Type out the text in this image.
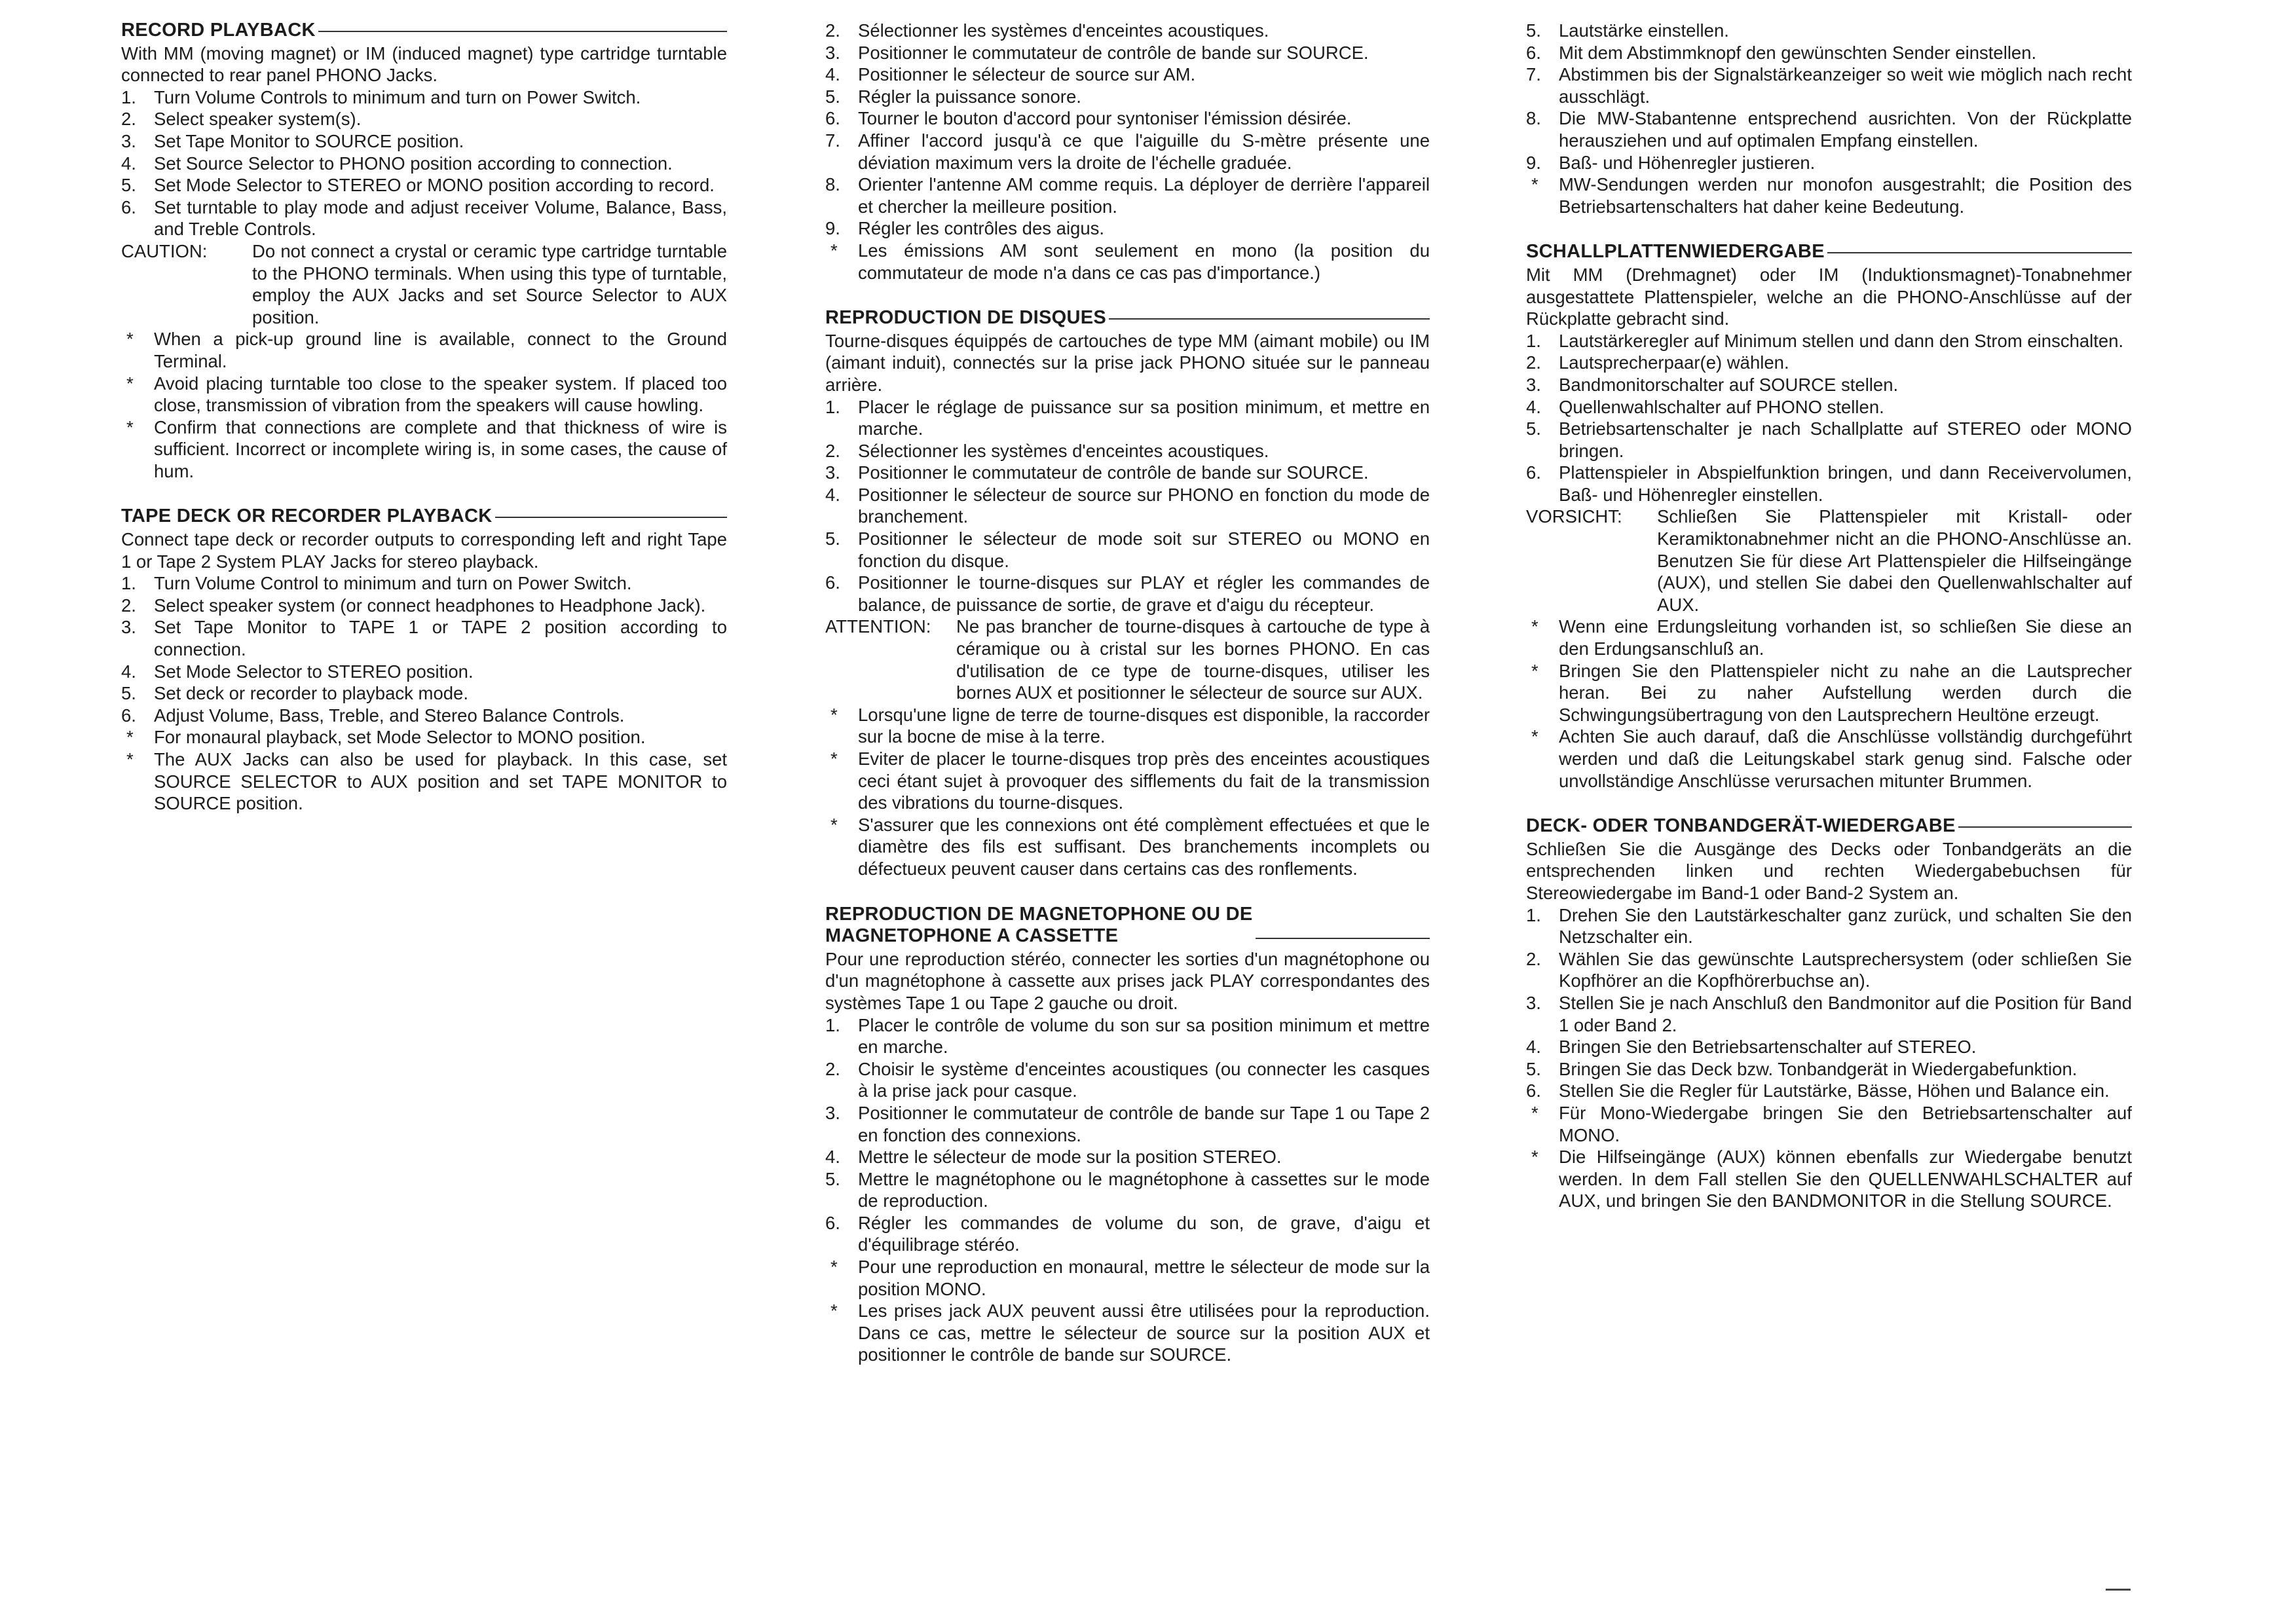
RECORD PLAYBACK
With MM (moving magnet) or IM (induced magnet) type cartridge turntable connected to rear panel PHONO Jacks.
1. Turn Volume Controls to minimum and turn on Power Switch.
2. Select speaker system(s).
3. Set Tape Monitor to SOURCE position.
4. Set Source Selector to PHONO position according to connection.
5. Set Mode Selector to STEREO or MONO position according to record.
6. Set turntable to play mode and adjust receiver Volume, Balance, Bass, and Treble Controls.
CAUTION:	Do not connect a crystal or ceramic type cartridge turntable to the PHONO terminals. When using this type of turntable, employ the AUX Jacks and set Source Selector to AUX position.
*	When a pick-up ground line is available, connect to the Ground Terminal.
*	Avoid placing turntable too close to the speaker system. If placed too close, transmission of vibration from the speakers will cause howling.
*	Confirm that connections are complete and that thickness of wire is sufficient. Incorrect or incomplete wiring is, in some cases, the cause of hum.
TAPE DECK OR RECORDER PLAYBACK
Connect tape deck or recorder outputs to corresponding left and right Tape 1 or Tape 2 System PLAY Jacks for stereo playback.
1. Turn Volume Control to minimum and turn on Power Switch.
2. Select speaker system (or connect headphones to Headphone Jack).
3. Set Tape Monitor to TAPE 1 or TAPE 2 position according to connection.
4. Set Mode Selector to STEREO position.
5. Set deck or recorder to playback mode.
6. Adjust Volume, Bass, Treble, and Stereo Balance Controls.
*	For monaural playback, set Mode Selector to MONO position.
*	The AUX Jacks can also be used for playback. In this case, set SOURCE SELECTOR to AUX position and set TAPE MONITOR to SOURCE position.
2. Sélectionner les systèmes d'enceintes acoustiques.
3. Positionner le commutateur de contrôle de bande sur SOURCE.
4. Positionner le sélecteur de source sur AM.
5. Régler la puissance sonore.
6. Tourner le bouton d'accord pour syntoniser l'émission désirée.
7. Affiner l'accord jusqu'à ce que l'aiguille du S-mètre présente une déviation maximum vers la droite de l'échelle graduée.
8. Orienter l'antenne AM comme requis. La déployer de derrière l'appareil et chercher la meilleure position.
9. Régler les contrôles des aigus.
*	Les émissions AM sont seulement en mono (la position du commutateur de mode n'a dans ce cas pas d'importance.)
REPRODUCTION DE DISQUES
Tourne-disques équippés de cartouches de type MM (aimant mobile) ou IM (aimant induit), connectés sur la prise jack PHONO située sur le panneau arrière.
1. Placer le réglage de puissance sur sa position minimum, et mettre en marche.
2. Sélectionner les systèmes d'enceintes acoustiques.
3. Positionner le commutateur de contrôle de bande sur SOURCE.
4. Positionner le sélecteur de source sur PHONO en fonction du mode de branchement.
5. Positionner le sélecteur de mode soit sur STEREO ou MONO en fonction du disque.
6. Positionner le tourne-disques sur PLAY et régler les commandes de balance, de puissance de sortie, de grave et d'aigu du récepteur.
ATTENTION:	Ne pas brancher de tourne-disques à cartouche de type à céramique ou à cristal sur les bornes PHONO. En cas d'utilisation de ce type de tourne-disques, utiliser les bornes AUX et positionner le sélecteur de source sur AUX.
*	Lorsqu'une ligne de terre de tourne-disques est disponible, la raccorder sur la bocne de mise à la terre.
*	Eviter de placer le tourne-disques trop près des enceintes acoustiques ceci étant sujet à provoquer des sifflements du fait de la transmission des vibrations du tourne-disques.
*	S'assurer que les connexions ont été complèment effectuées et que le diamètre des fils est suffisant. Des branchements incomplets ou défectueux peuvent causer dans certains cas des ronflements.
REPRODUCTION DE MAGNETOPHONE OU DE
MAGNETOPHONE A CASSETTE
Pour une reproduction stéréo, connecter les sorties d'un magnétophone ou d'un magnétophone à cassette aux prises jack PLAY correspondantes des systèmes Tape 1 ou Tape 2 gauche ou droit.
1. Placer le contrôle de volume du son sur sa position minimum et mettre en marche.
2. Choisir le système d'enceintes acoustiques (ou connecter les casques à la prise jack pour casque.
3. Positionner le commutateur de contrôle de bande sur Tape 1 ou Tape 2 en fonction des connexions.
4. Mettre le sélecteur de mode sur la position STEREO.
5. Mettre le magnétophone ou le magnétophone à cassettes sur le mode de reproduction.
6. Régler les commandes de volume du son, de grave, d'aigu et d'équilibrage stéréo.
*	Pour une reproduction en monaural, mettre le sélecteur de mode sur la position MONO.
*	Les prises jack AUX peuvent aussi être utilisées pour la reproduction. Dans ce cas, mettre le sélecteur de source sur la position AUX et positionner le contrôle de bande sur SOURCE.
5. Lautstärke einstellen.
6. Mit dem Abstimmknopf den gewünschten Sender einstellen.
7. Abstimmen bis der Signalstärkeanzeiger so weit wie möglich nach recht ausschlägt.
8. Die MW-Stabantenne entsprechend ausrichten. Von der Rückplatte herausziehen und auf optimalen Empfang einstellen.
9. Baß- und Höhenregler justieren.
*	MW-Sendungen werden nur monofon ausgestrahlt; die Position des Betriebsartenschalters hat daher keine Bedeutung.
SCHALLPLATTENWIEDERGABE
Mit MM (Drehmagnet) oder IM (Induktionsmagnet)-Tonabnehmer ausgestattete Plattenspieler, welche an die PHONO-Anschlüsse auf der Rückplatte gebracht sind.
1. Lautstärkeregler auf Minimum stellen und dann den Strom einschalten.
2. Lautsprecherpaar(e) wählen.
3. Bandmonitorschalter auf SOURCE stellen.
4. Quellenwahlschalter auf PHONO stellen.
5. Betriebsartenschalter je nach Schallplatte auf STEREO oder MONO bringen.
6. Plattenspieler in Abspielfunktion bringen, und dann Receivervolumen, Baß- und Höhenregler einstellen.
VORSICHT:	Schließen Sie Plattenspieler mit Kristall- oder Keramiktonabnehmer nicht an die PHONO-Anschlüsse an. Benutzen Sie für diese Art Plattenspieler die Hilfseingänge (AUX), und stellen Sie dabei den Quellenwahlschalter auf AUX.
*	Wenn eine Erdungsleitung vorhanden ist, so schließen Sie diese an den Erdungsanschluß an.
*	Bringen Sie den Plattenspieler nicht zu nahe an die Lautsprecher heran. Bei zu naher Aufstellung werden durch die Schwingungsübertragung von den Lautsprechern Heultöne erzeugt.
*	Achten Sie auch darauf, daß die Anschlüsse vollständig durchgeführt werden und daß die Leitungskabel stark genug sind. Falsche oder unvollständige Anschlüsse verursachen mitunter Brummen.
DECK- ODER TONBANDGERÄT-WIEDERGABE
Schließen Sie die Ausgänge des Decks oder Tonbandgeräts an die entsprechenden linken und rechten Wiedergabebuchsen für Stereowiedergabe im Band-1 oder Band-2 System an.
1. Drehen Sie den Lautstärkeschalter ganz zurück, und schalten Sie den Netzschalter ein.
2. Wählen Sie das gewünschte Lautsprechersystem (oder schließen Sie Kopfhörer an die Kopfhörerbuchse an).
3. Stellen Sie je nach Anschluß den Bandmonitor auf die Position für Band 1 oder Band 2.
4. Bringen Sie den Betriebsartenschalter auf STEREO.
5. Bringen Sie das Deck bzw. Tonbandgerät in Wiedergabefunktion.
6. Stellen Sie die Regler für Lautstärke, Bässe, Höhen und Balance ein.
*	Für Mono-Wiedergabe bringen Sie den Betriebsartenschalter auf MONO.
*	Die Hilfseingänge (AUX) können ebenfalls zur Wiedergabe benutzt werden. In dem Fall stellen Sie den QUELLENWAHLSCHALTER auf AUX, und bringen Sie den BANDMONITOR in die Stellung SOURCE.
